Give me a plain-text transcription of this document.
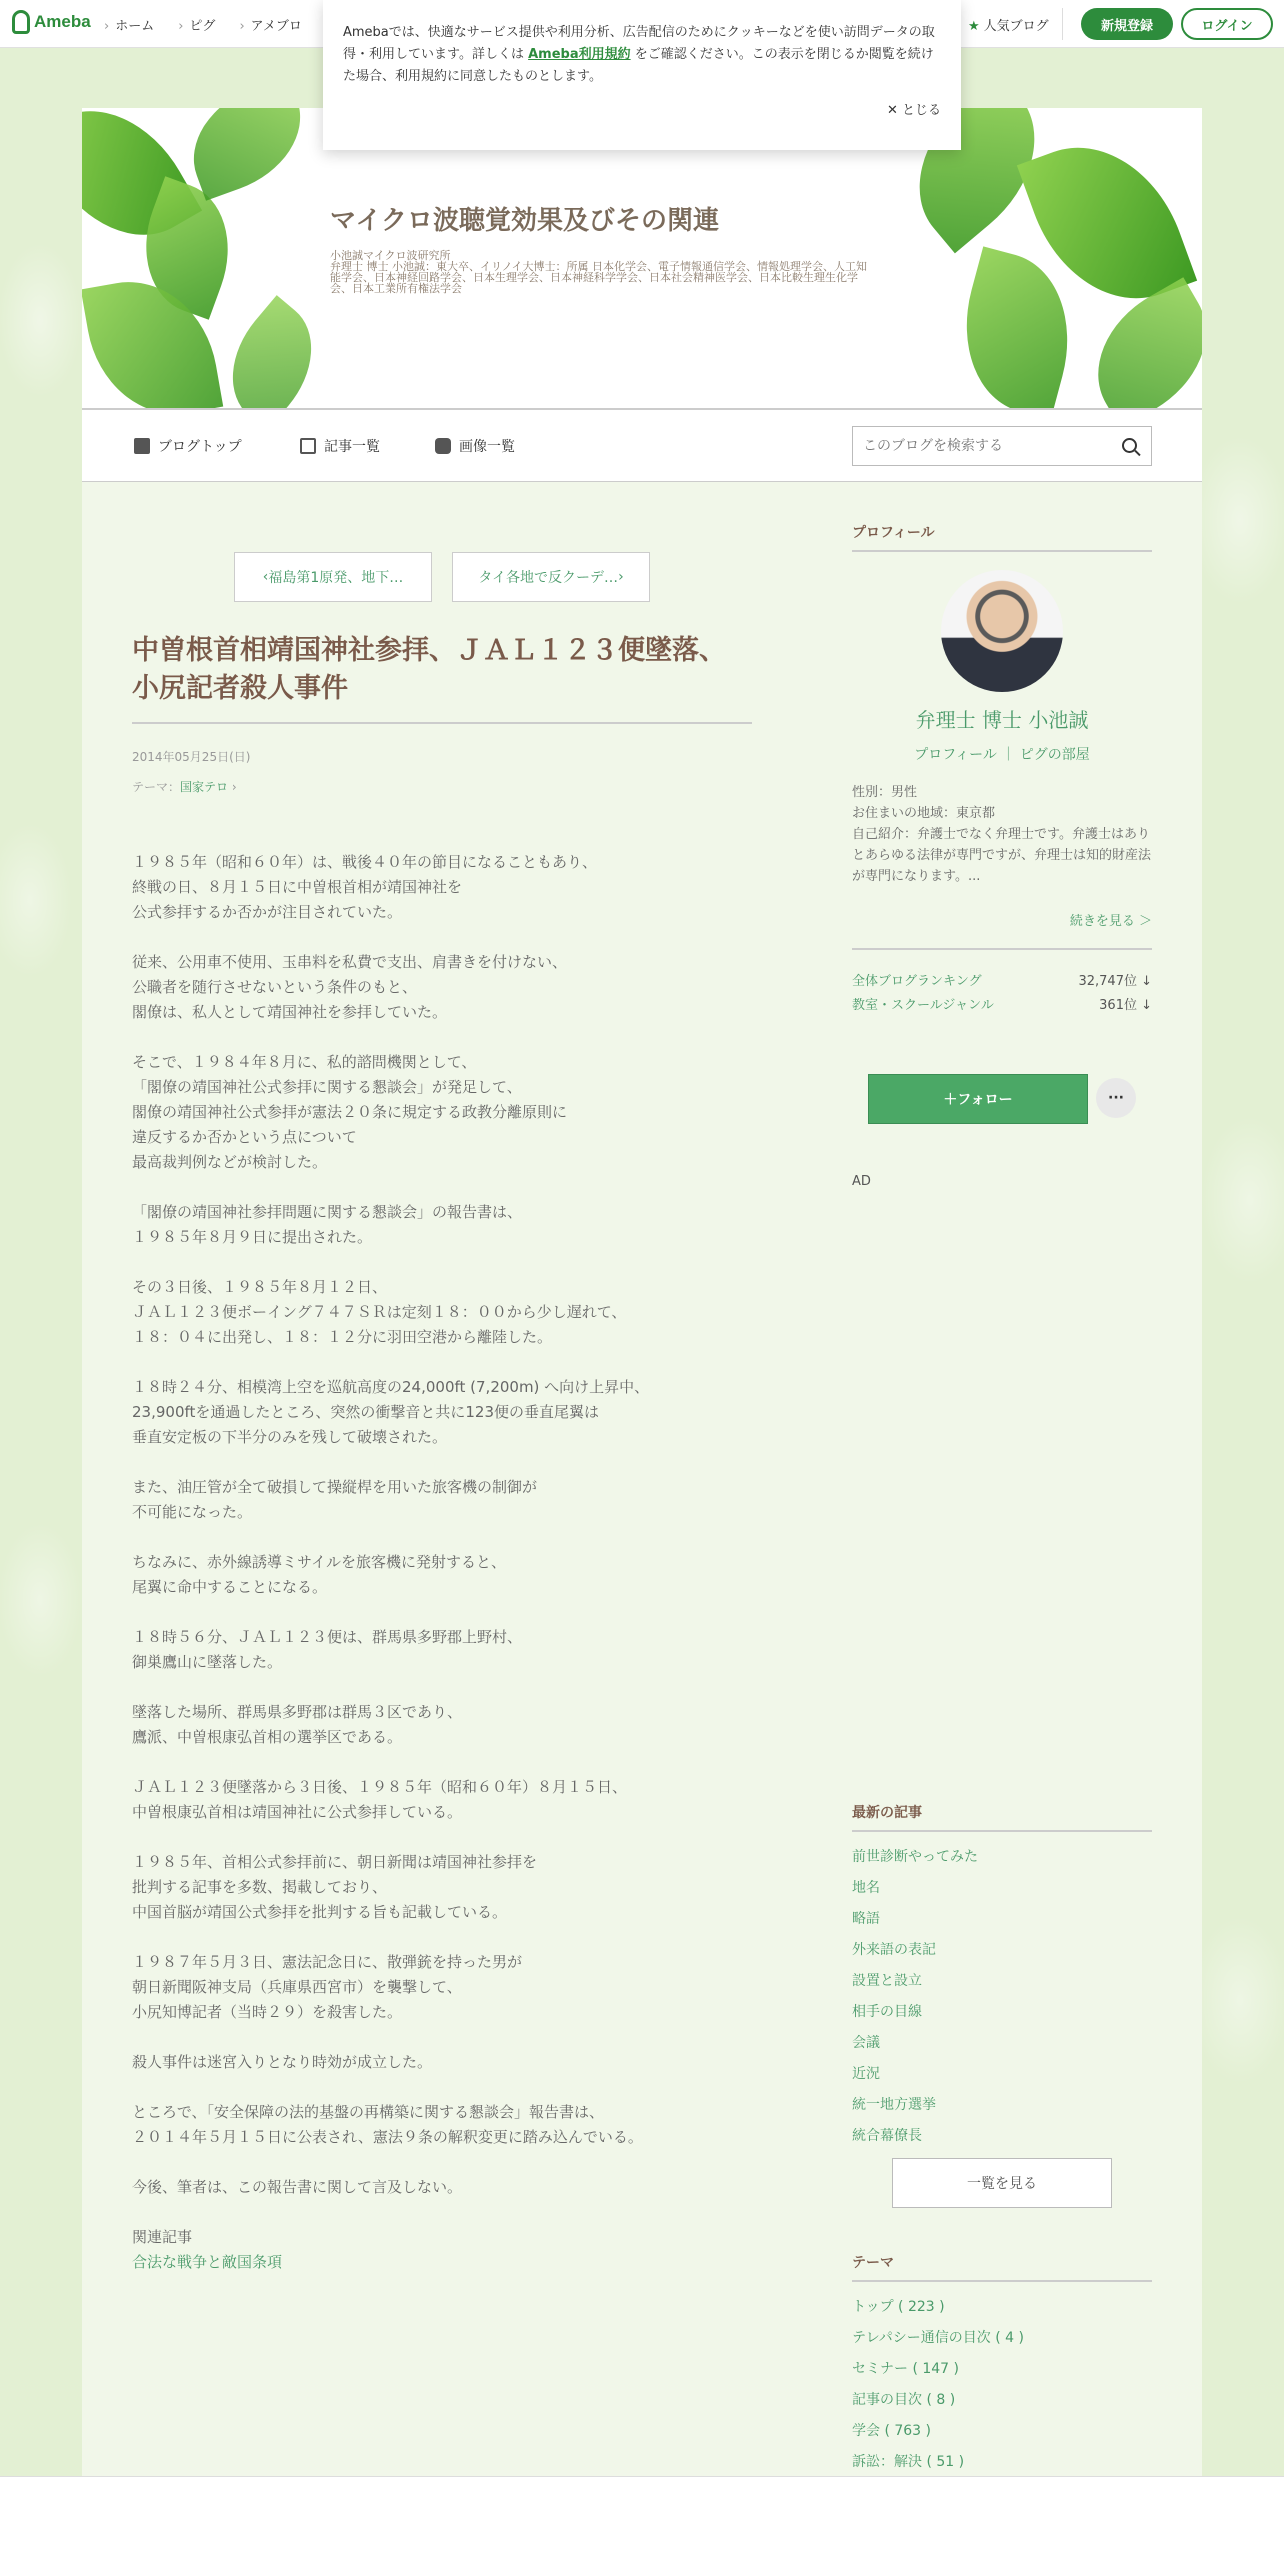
Ameba	› ホーム	› ピグ	› アメブロ	★ 人気ブログ	新規登録	ログイン
Amebaでは、快適なサービス提供や利用分析、広告配信のためにクッキーなどを使い訪問データの取得・利用しています。詳しくは Ameba利用規約 をご確認ください。この表示を閉じるか閲覧を続けた場合、利用規約に同意したものとします。
✕ とじる
マイクロ波聴覚効果及びその関連
小池誠マイクロ波研究所
弁理士 博士 小池誠：東大卒、イリノイ大博士：所属 日本化学会、電子情報通信学会、情報処理学会、人工知能学会、日本神経回路学会、日本生理学会、日本神経科学学会、日本社会精神医学会、日本比較生理生化学会、日本工業所有権法学会
ブログトップ	記事一覧	画像一覧
このブログを検索する
‹ 福島第1原発、地下…	タイ各地で反クーデ… ›
中曽根首相靖国神社参拝、ＪＡＬ１２３便墜落、小尻記者殺人事件
2014年05月25日(日)
テーマ：国家テロ ›

１９８５年（昭和６０年）は、戦後４０年の節目になることもあり、
終戦の日、８月１５日に中曽根首相が靖国神社を
公式参拝するか否かが注目されていた。

従来、公用車不使用、玉串料を私費で支出、肩書きを付けない、
公職者を随行させないという条件のもと、
閣僚は、私人として靖国神社を参拝していた。

そこで、１９８４年８月に、私的諮問機関として、
「閣僚の靖国神社公式参拝に関する懇談会」が発足して、
閣僚の靖国神社公式参拝が憲法２０条に規定する政教分離原則に
違反するか否かという点について
最高裁判例などが検討した。

「閣僚の靖国神社参拝問題に関する懇談会」の報告書は、
１９８５年８月９日に提出された。

その３日後、１９８５年８月１２日、
ＪＡＬ１２３便ボーイング７４７ＳＲは定刻１８：００から少し遅れて、
１８：０４に出発し、１８：１２分に羽田空港から離陸した。

１８時２４分、相模湾上空を巡航高度の24,000ft (7,200m) へ向け上昇中、
23,900ftを通過したところ、突然の衝撃音と共に123便の垂直尾翼は
垂直安定板の下半分のみを残して破壊された。

また、油圧管が全て破損して操縦桿を用いた旅客機の制御が
不可能になった。

ちなみに、赤外線誘導ミサイルを旅客機に発射すると、
尾翼に命中することになる。

１８時５６分、ＪＡＬ１２３便は、群馬県多野郡上野村、
御巣鷹山に墜落した。

墜落した場所、群馬県多野郡は群馬３区であり、
鷹派、中曽根康弘首相の選挙区である。

ＪＡＬ１２３便墜落から３日後、１９８５年（昭和６０年）８月１５日、
中曽根康弘首相は靖国神社に公式参拝している。

１９８５年、首相公式参拝前に、朝日新聞は靖国神社参拝を
批判する記事を多数、掲載しており、
中国首脳が靖国公式参拝を批判する旨も記載している。

１９８７年５月３日、憲法記念日に、散弾銃を持った男が
朝日新聞阪神支局（兵庫県西宮市）を襲撃して、
小尻知博記者（当時２９）を殺害した。

殺人事件は迷宮入りとなり時効が成立した。

ところで、「安全保障の法的基盤の再構築に関する懇談会」報告書は、
２０１４年５月１５日に公表され、憲法９条の解釈変更に踏み込んでいる。

今後、筆者は、この報告書に関して言及しない。

関連記事
合法な戦争と敵国条項
プロフィール
弁理士 博士 小池誠
プロフィール ｜ ピグの部屋
性別：男性
お住まいの地域：東京都
自己紹介：弁護士でなく弁理士です。弁護士はありとあらゆる法律が専門ですが、弁理士は知的財産法が専門になります。...
続きを見る ＞
全体ブログランキング	32,747位 ↓
教室・スクールジャンル	361位 ↓
＋フォロー	···
AD
最新の記事
前世診断やってみた
地名
略語
外来語の表記
設置と設立
相手の目線
会議
近況
統一地方選挙
統合幕僚長
一覧を見る
テーマ
トップ ( 223 )
テレパシー通信の目次 ( 4 )
セミナー ( 147 )
記事の目次 ( 8 )
学会 ( 763 )
訴訟：解決 ( 51 )
